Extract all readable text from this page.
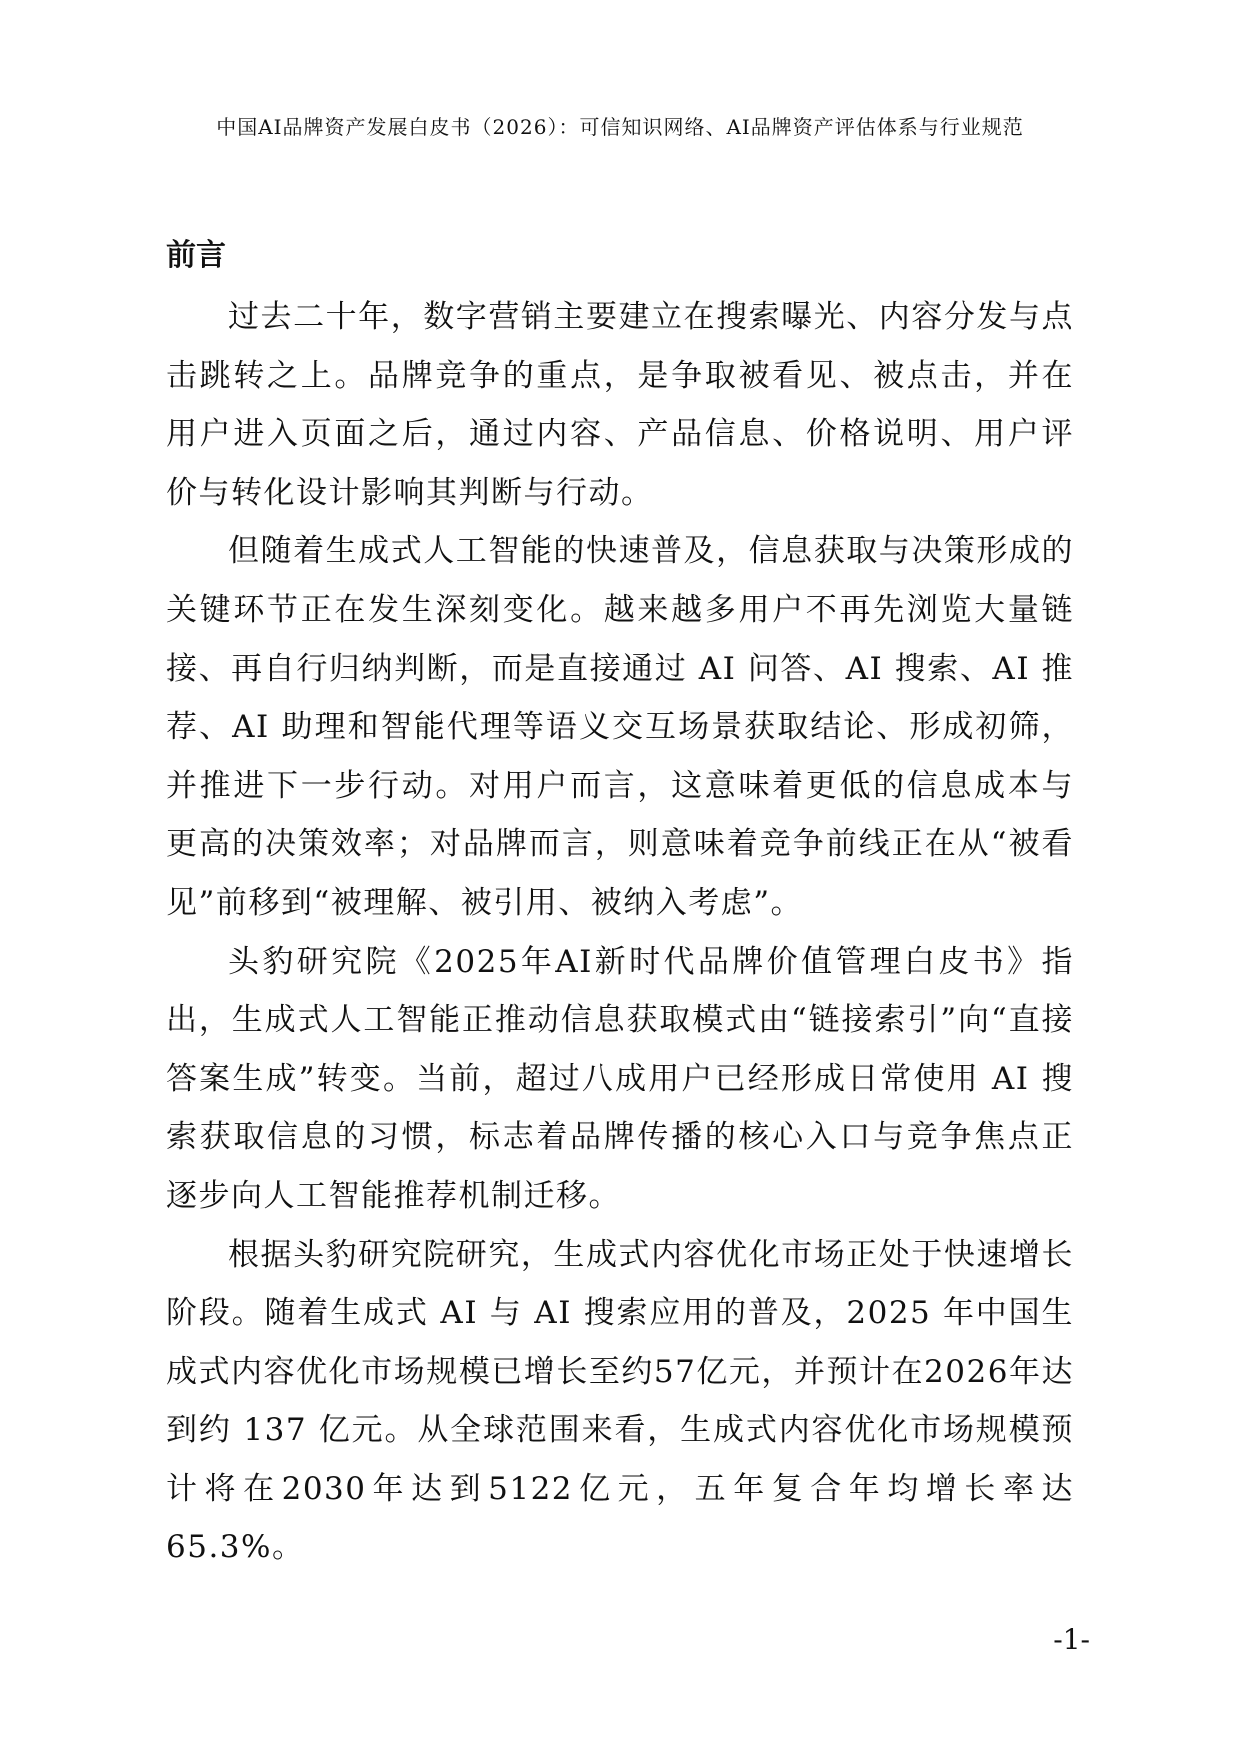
中国AI品牌资产发展白皮书（2026）：可信知识网络、AI品牌资产评估体系与行业规范
前言

过去二十年，数字营销主要建立在搜索曝光、内容分发与点击跳转之上。品牌竞争的重点，是争取被看见、被点击，并在用户进入页面之后，通过内容、产品信息、价格说明、用户评价与转化设计影响其判断与行动。

但随着生成式人工智能的快速普及，信息获取与决策形成的关键环节正在发生深刻变化。越来越多用户不再先浏览大量链接、再自行归纳判断，而是直接通过 AI 问答、AI 搜索、AI 推荐、AI 助理和智能代理等语义交互场景获取结论、形成初筛，并推进下一步行动。对用户而言，这意味着更低的信息成本与更高的决策效率；对品牌而言，则意味着竞争前线正在从“被看见”前移到“被理解、被引用、被纳入考虑”。

头豹研究院《2025年AI新时代品牌价值管理白皮书》指出，生成式人工智能正推动信息获取模式由“链接索引”向“直接答案生成”转变。当前，超过八成用户已经形成日常使用 AI 搜索获取信息的习惯，标志着品牌传播的核心入口与竞争焦点正逐步向人工智能推荐机制迁移。

根据头豹研究院研究，生成式内容优化市场正处于快速增长阶段。随着生成式 AI 与 AI 搜索应用的普及，2025 年中国生成式内容优化市场规模已增长至约57亿元，并预计在2026年达到约 137 亿元。从全球范围来看，生成式内容优化市场规模预计将在2030年达到5122亿元，五年复合年均增长率达65.3%。

-1-
